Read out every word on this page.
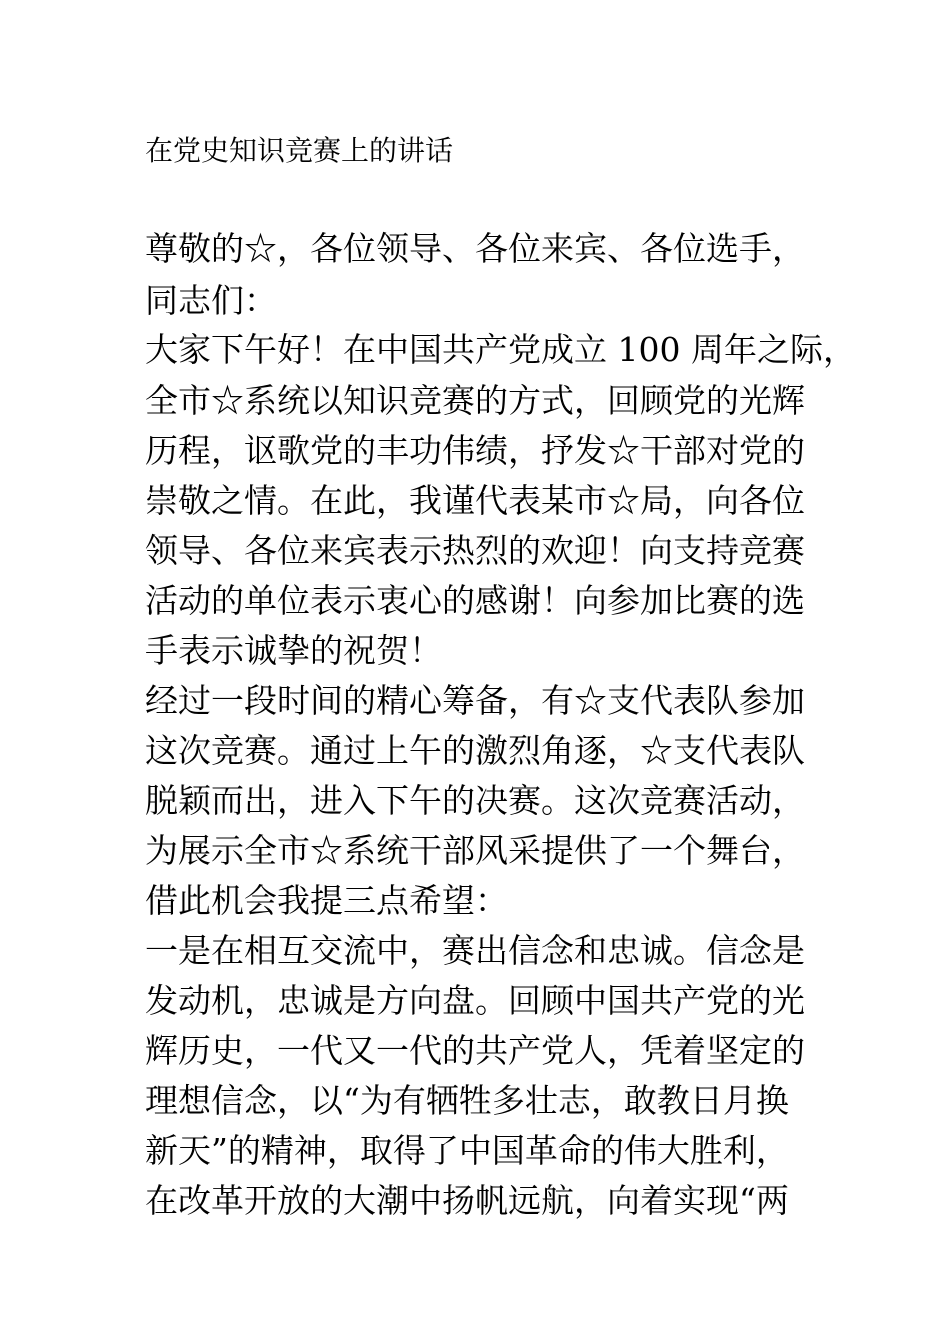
在党史知识竞赛上的讲话
尊敬的☆，各位领导、各位来宾、各位选手，
同志们：
大家下午好！在中国共产党成立 100 周年之际，
全市☆系统以知识竞赛的方式，回顾党的光辉
历程，讴歌党的丰功伟绩，抒发☆干部对党的
崇敬之情。在此，我谨代表某市☆局，向各位
领导、各位来宾表示热烈的欢迎！向支持竞赛
活动的单位表示衷心的感谢！向参加比赛的选
手表示诚挚的祝贺！
经过一段时间的精心筹备，有☆支代表队参加
这次竞赛。通过上午的激烈角逐，☆支代表队
脱颖而出，进入下午的决赛。这次竞赛活动，
为展示全市☆系统干部风采提供了一个舞台，
借此机会我提三点希望：
一是在相互交流中，赛出信念和忠诚。信念是
发动机，忠诚是方向盘。回顾中国共产党的光
辉历史，一代又一代的共产党人，凭着坚定的
理想信念，以“为有牺牲多壮志，敢教日月换
新天”的精神，取得了中国革命的伟大胜利，
在改革开放的大潮中扬帆远航，向着实现“两
